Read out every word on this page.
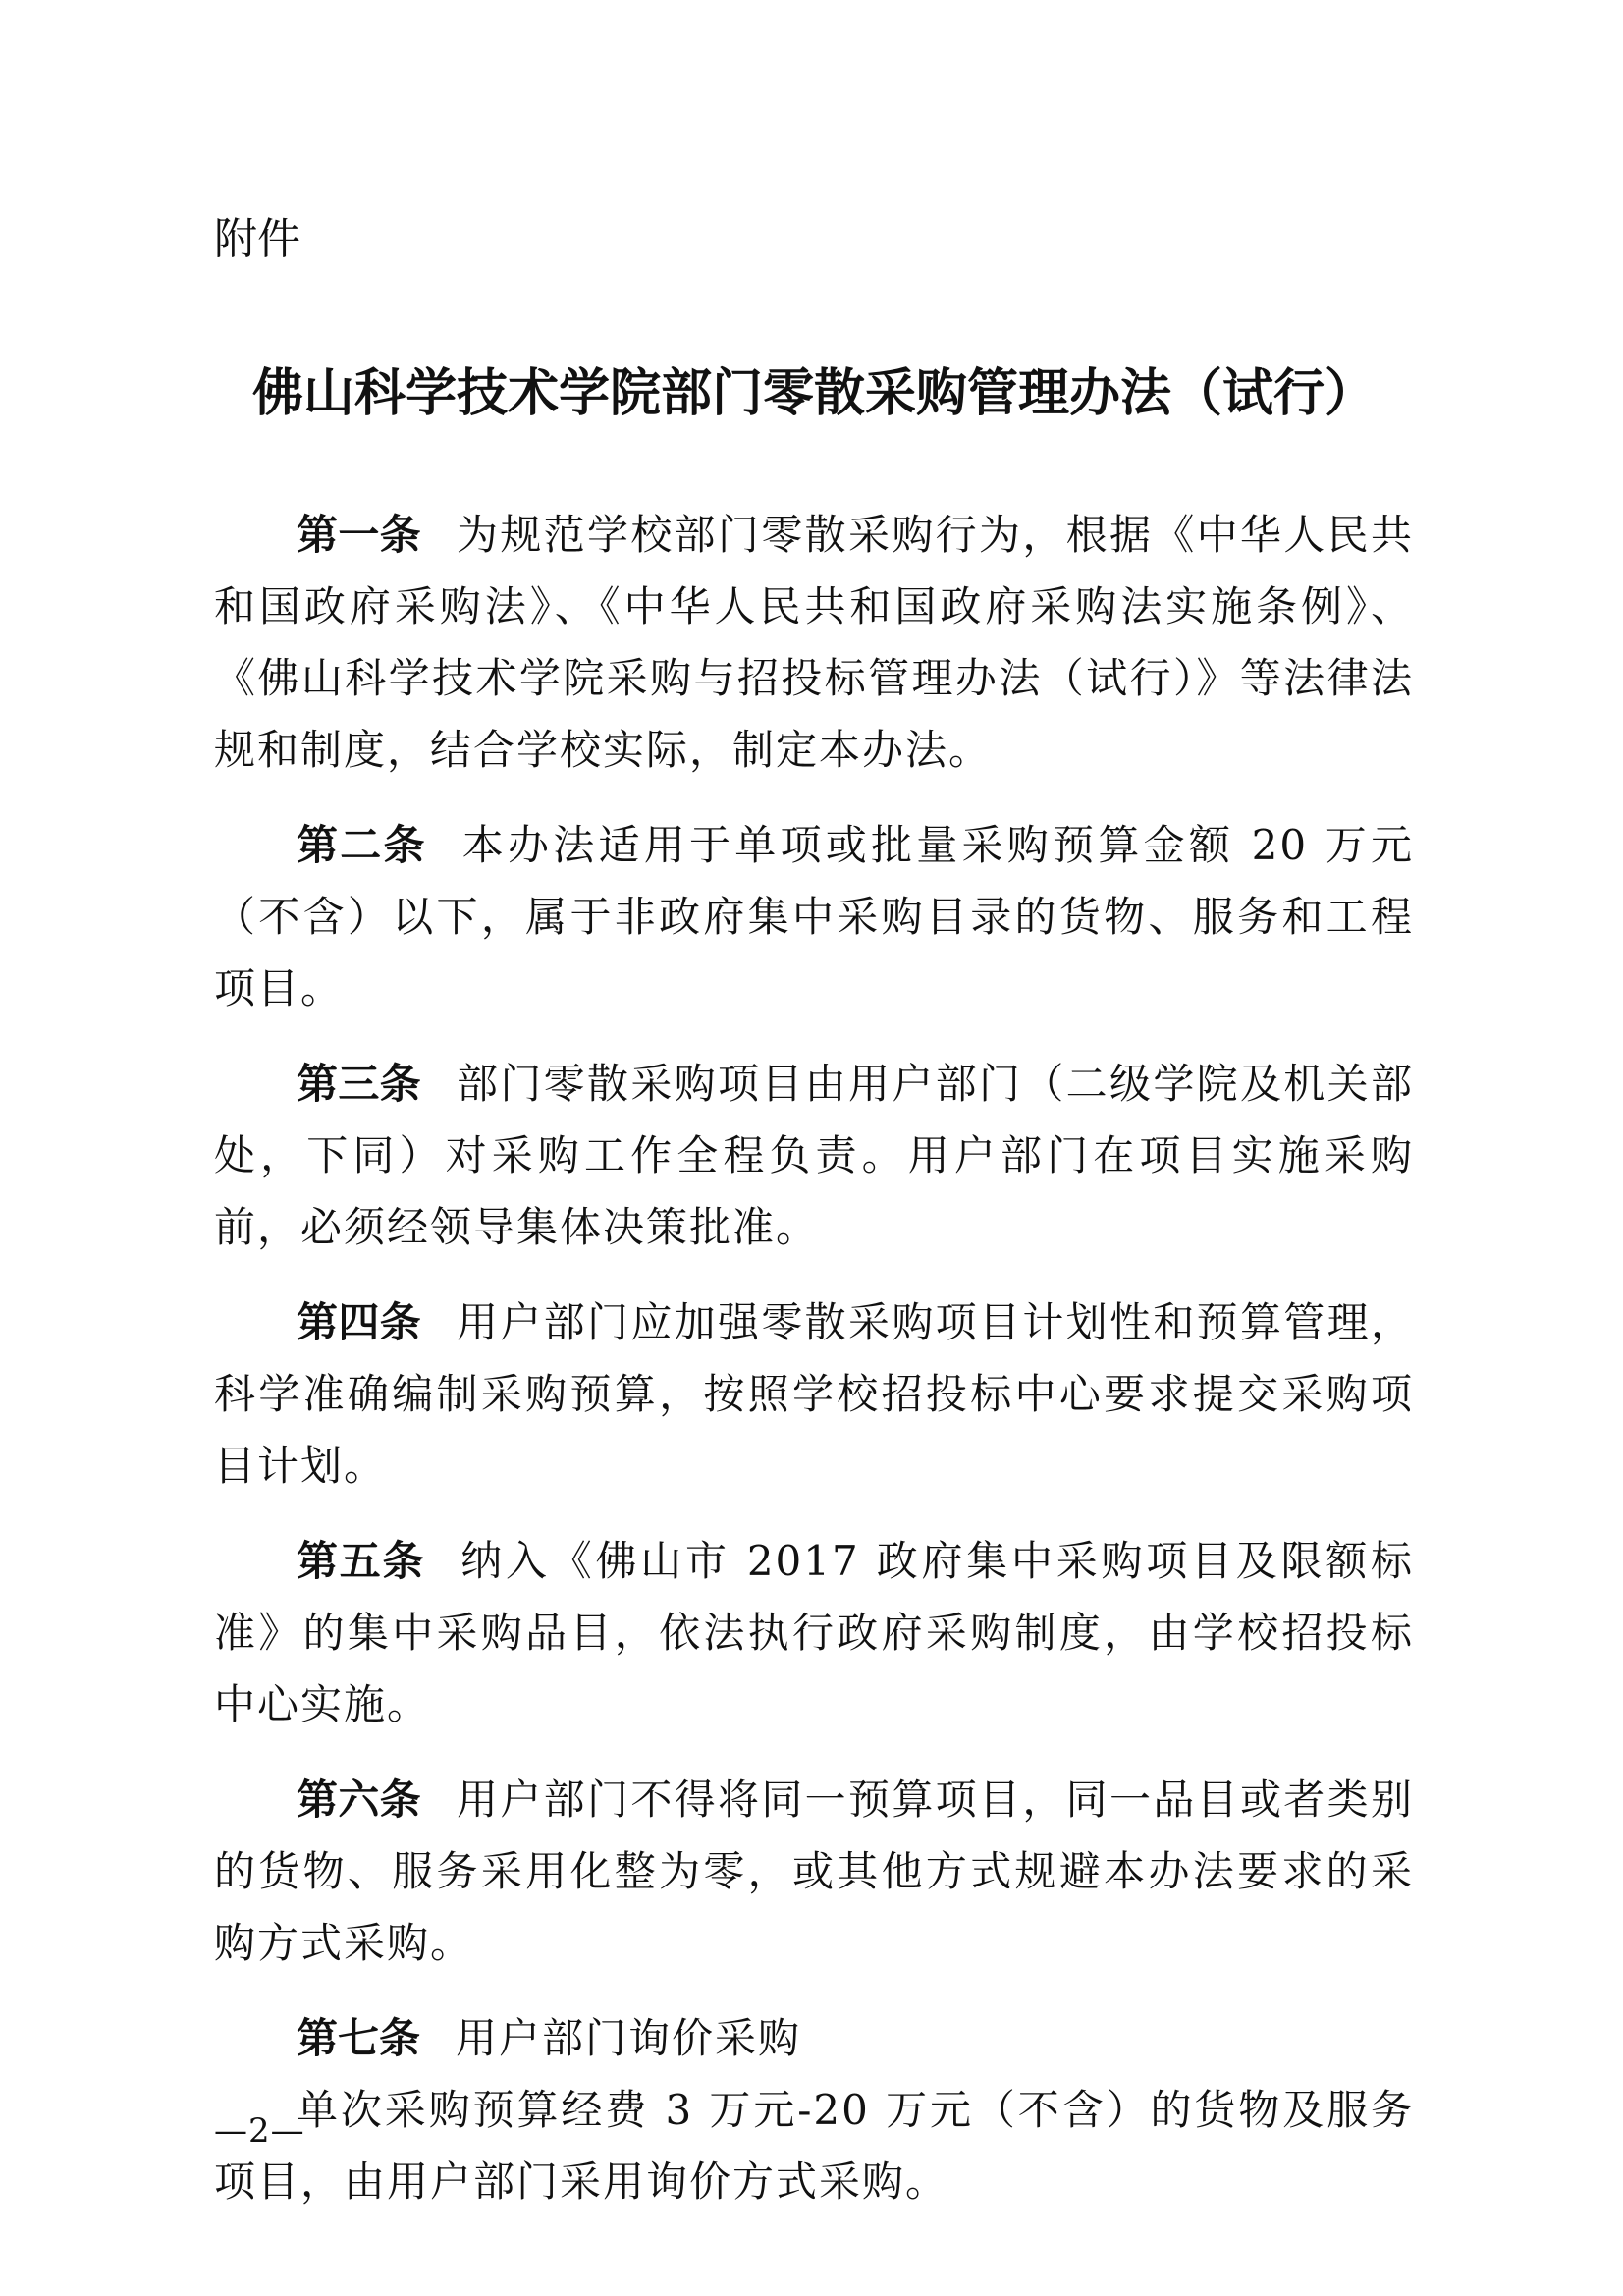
附件
佛山科学技术学院部门零散采购管理办法（试行）

第一条 为规范学校部门零散采购行为，根据《中华人民共和国政府采购法》、《中华人民共和国政府采购法实施条例》、《佛山科学技术学院采购与招投标管理办法（试行）》等法律法规和制度，结合学校实际，制定本办法。

第二条 本办法适用于单项或批量采购预算金额 20 万元（不含）以下，属于非政府集中采购目录的货物、服务和工程项目。

第三条 部门零散采购项目由用户部门（二级学院及机关部处，下同）对采购工作全程负责。用户部门在项目实施采购前，必须经领导集体决策批准。

第四条 用户部门应加强零散采购项目计划性和预算管理，科学准确编制采购预算，按照学校招投标中心要求提交采购项目计划。

第五条 纳入《佛山市 2017 政府集中采购项目及限额标准》的集中采购品目，依法执行政府采购制度，由学校招投标中心实施。

第六条 用户部门不得将同一预算项目，同一品目或者类别的货物、服务采用化整为零，或其他方式规避本办法要求的采购方式采购。

第七条 用户部门询价采购

单次采购预算经费 3 万元-20 万元（不含）的货物及服务项目，由用户部门采用询价方式采购。

—2—
